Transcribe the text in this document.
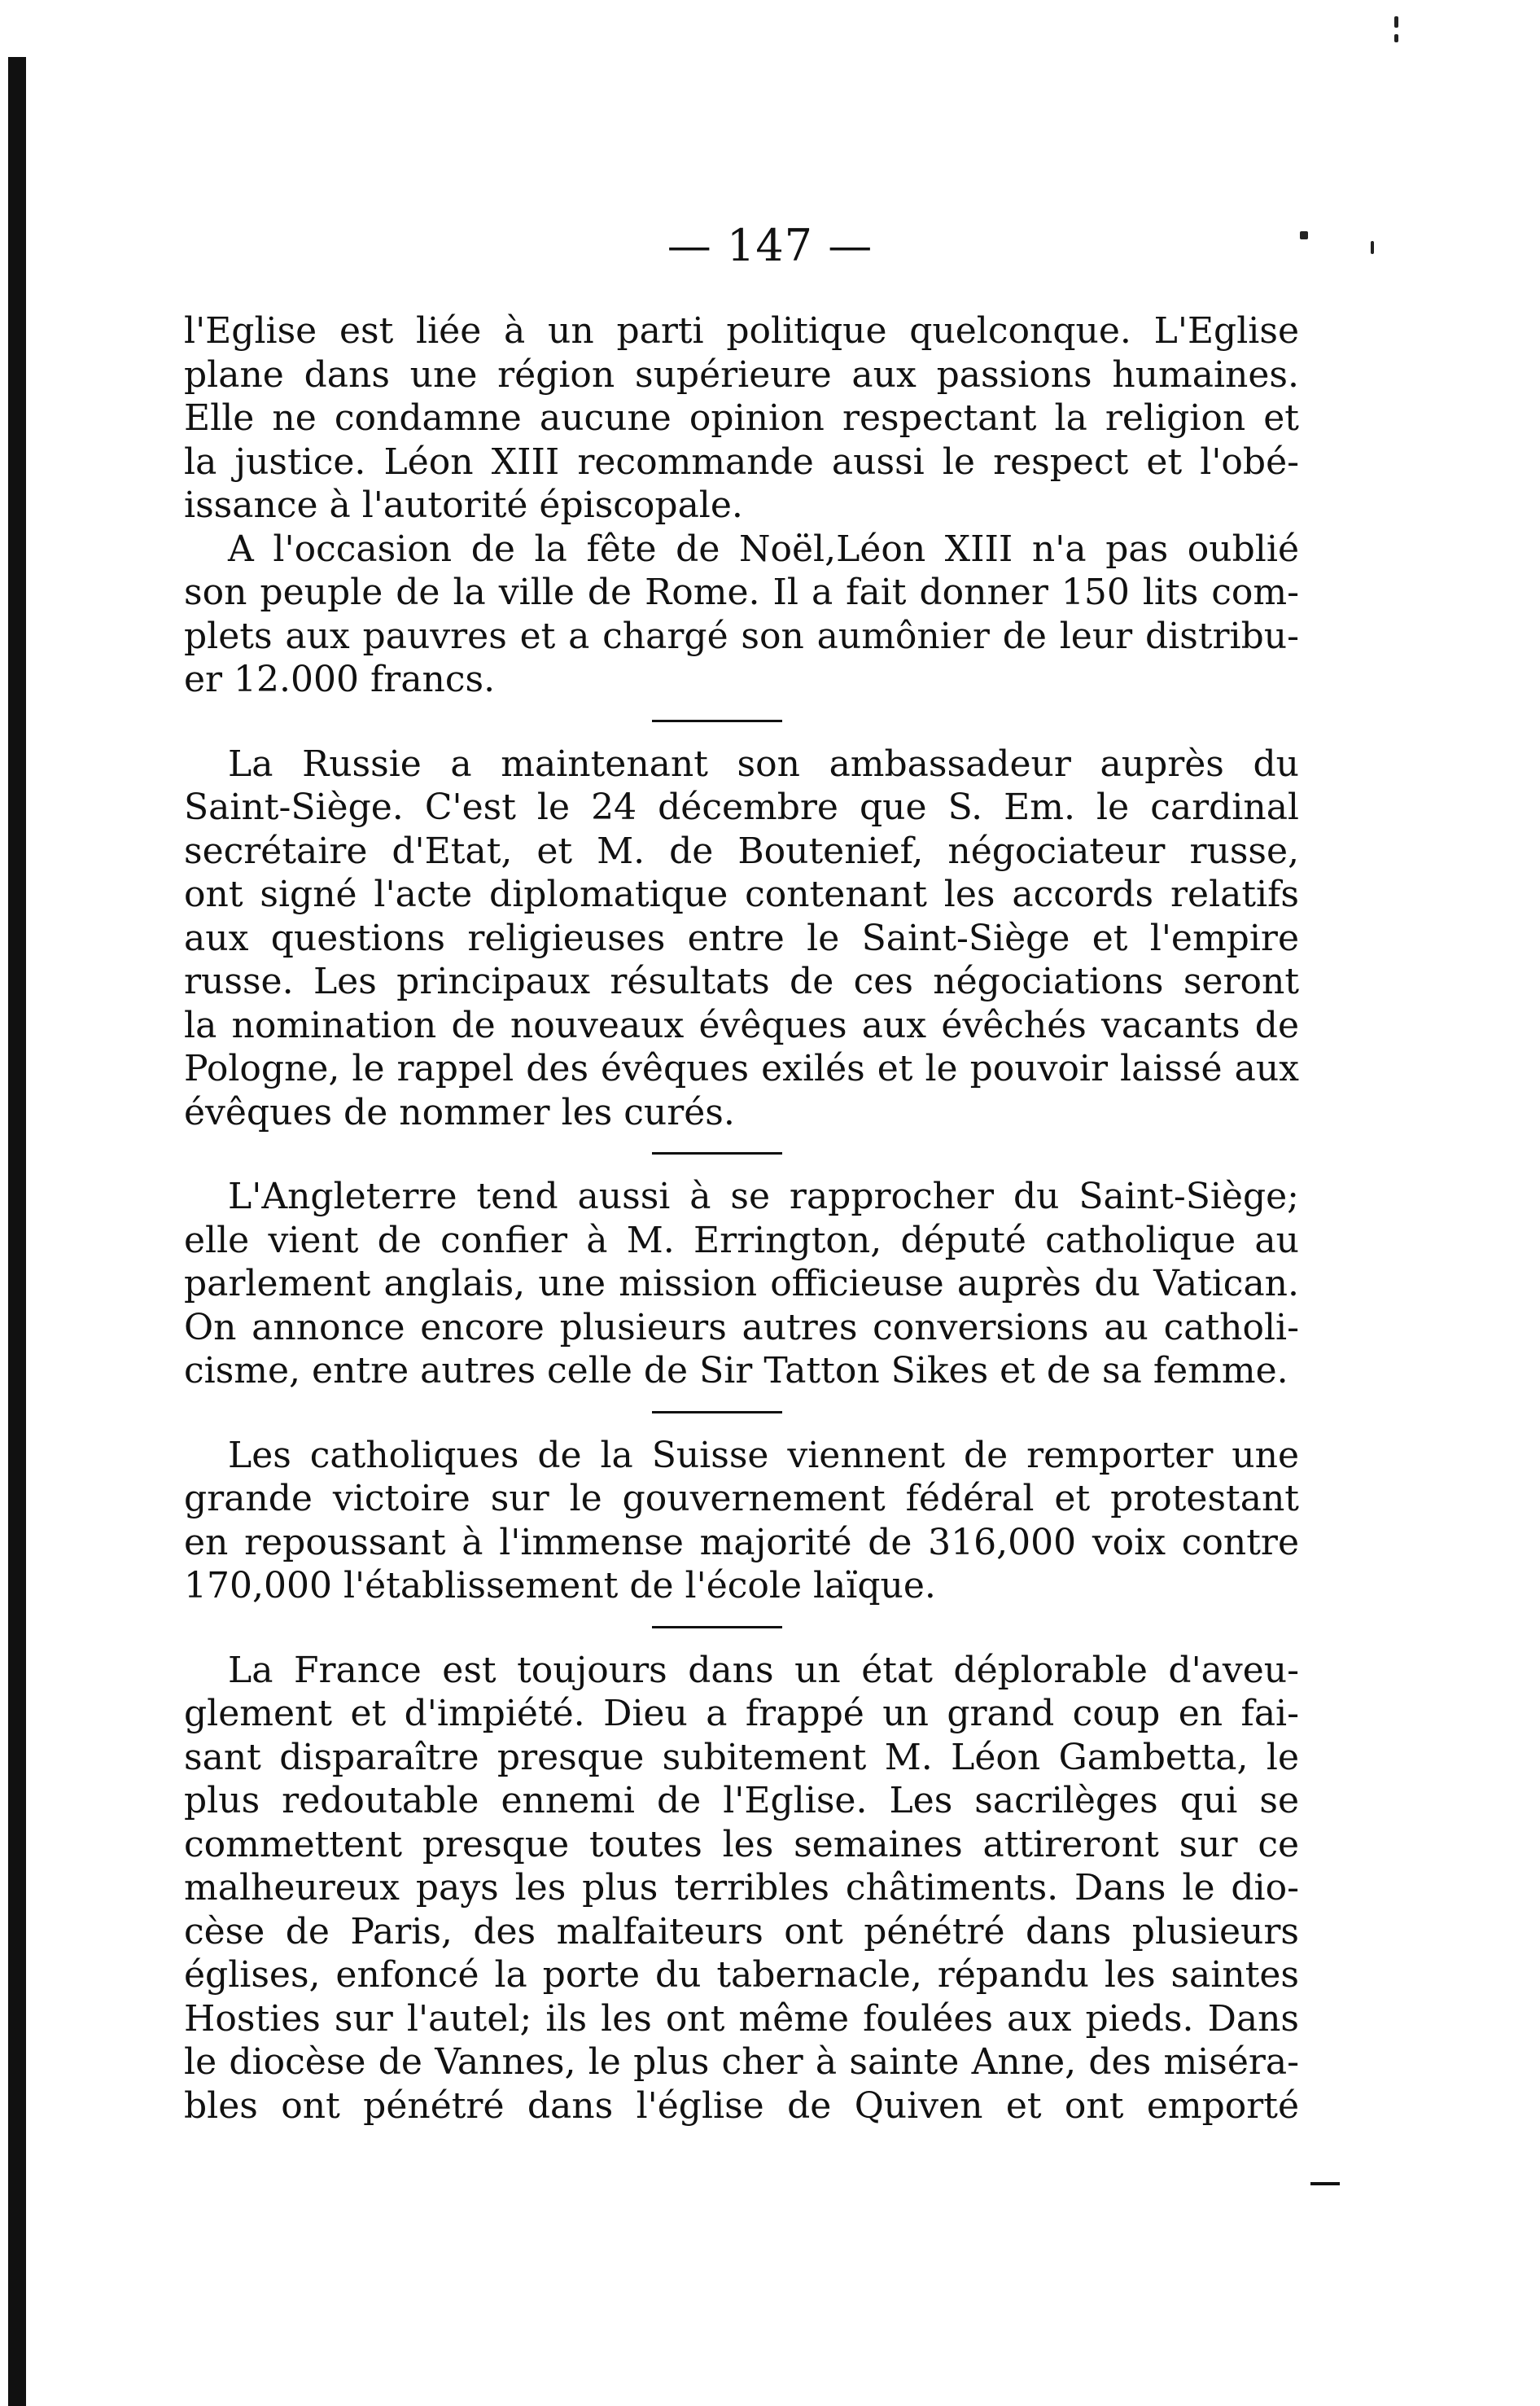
— 147 —

l'Eglise est liée à un parti politique quelconque. L'Eglise
plane dans une région supérieure aux passions humaines.
Elle ne condamne aucune opinion respectant la religion et
la justice. Léon XIII recommande aussi le respect et l'obé-
issance à l'autorité épiscopale.

A l'occasion de la fête de Noël,Léon XIII n'a pas oublié
son peuple de la ville de Rome. Il a fait donner 150 lits com-
plets aux pauvres et a chargé son aumônier de leur distribu-
er 12.000 francs.

La Russie a maintenant son ambassadeur auprès du
Saint-Siège. C'est le 24 décembre que S. Em. le cardinal
secrétaire d'Etat, et M. de Boutenief, négociateur russe,
ont signé l'acte diplomatique contenant les accords relatifs
aux questions religieuses entre le Saint-Siège et l'empire
russe. Les principaux résultats de ces négociations seront
la nomination de nouveaux évêques aux évêchés vacants de
Pologne, le rappel des évêques exilés et le pouvoir laissé aux
évêques de nommer les curés.

L'Angleterre tend aussi à se rapprocher du Saint-Siège;
elle vient de confier à M. Errington, député catholique au
parlement anglais, une mission officieuse auprès du Vatican.
On annonce encore plusieurs autres conversions au catholi-
cisme, entre autres celle de Sir Tatton Sikes et de sa femme.

Les catholiques de la Suisse viennent de remporter une
grande victoire sur le gouvernement fédéral et protestant
en repoussant à l'immense majorité de 316,000 voix contre
170,000 l'établissement de l'école laïque.

La France est toujours dans un état déplorable d'aveu-
glement et d'impiété. Dieu a frappé un grand coup en fai-
sant disparaître presque subitement M. Léon Gambetta, le
plus redoutable ennemi de l'Eglise. Les sacrilèges qui se
commettent presque toutes les semaines attireront sur ce
malheureux pays les plus terribles châtiments. Dans le dio-
cèse de Paris, des malfaiteurs ont pénétré dans plusieurs
églises, enfoncé la porte du tabernacle, répandu les saintes
Hosties sur l'autel; ils les ont même foulées aux pieds. Dans
le diocèse de Vannes, le plus cher à sainte Anne, des miséra-
bles ont pénétré dans l'église de Quiven et ont emporté
